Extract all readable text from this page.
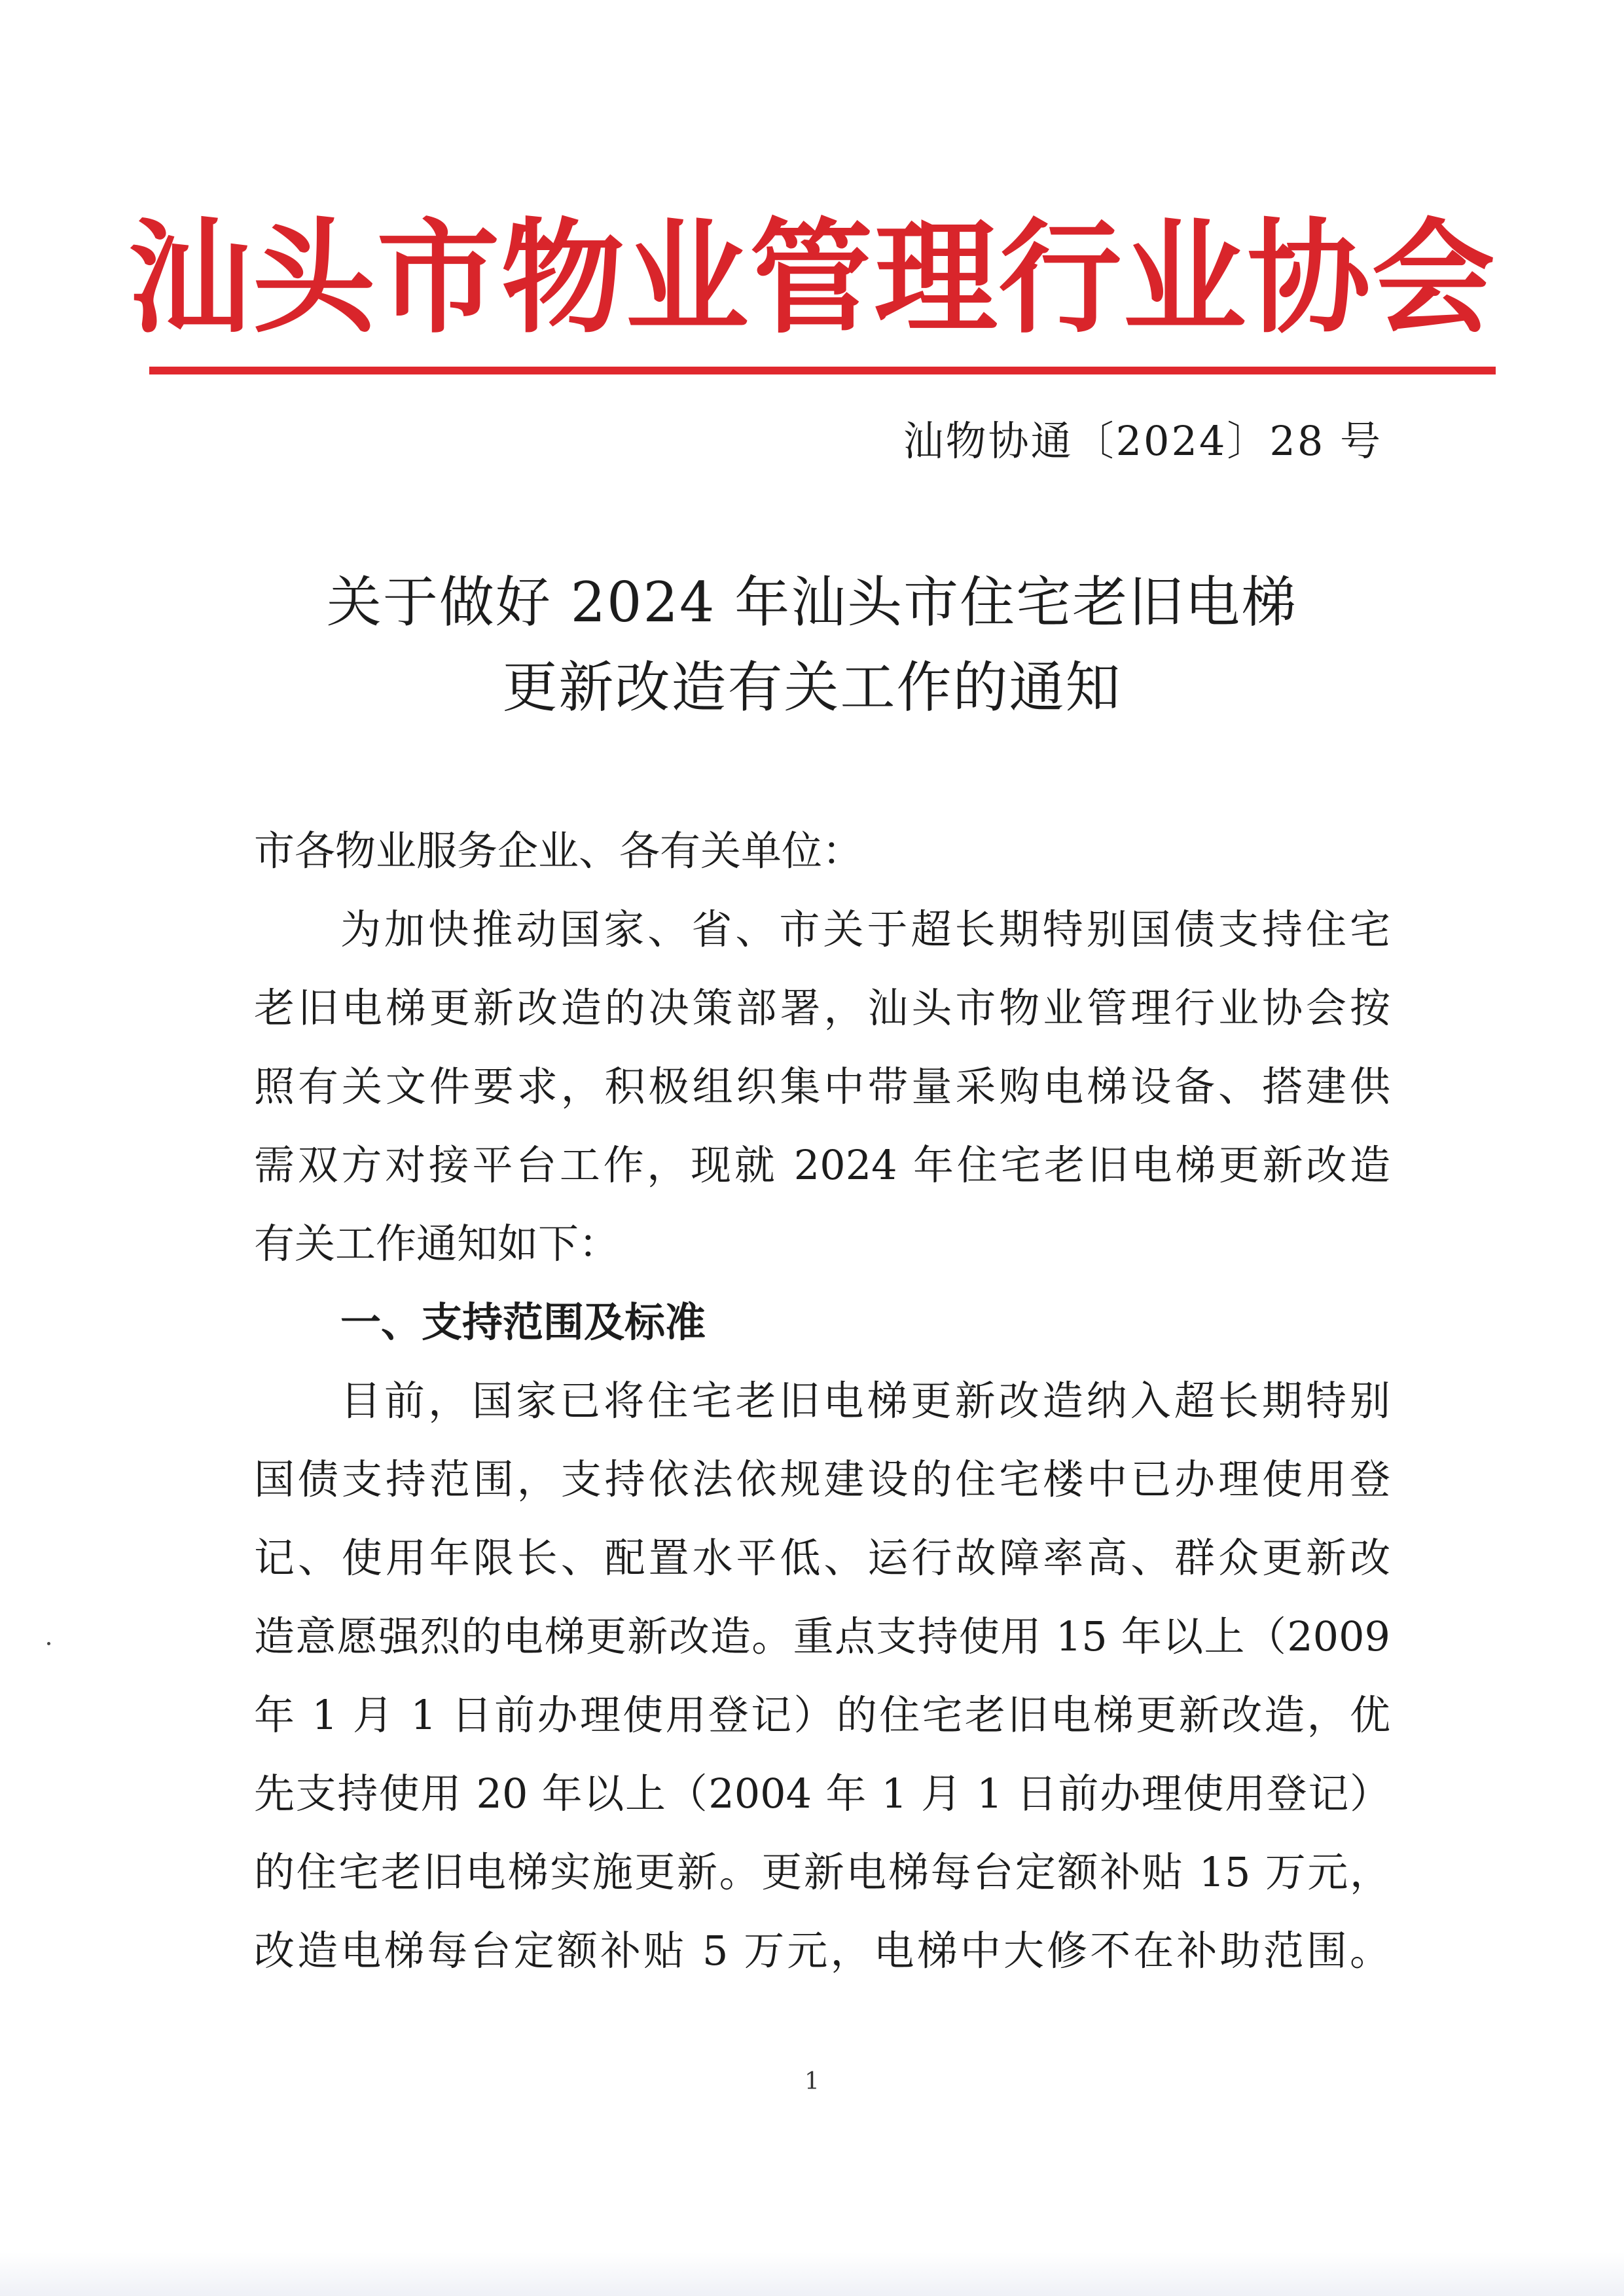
汕头市物业管理行业协会
汕物协通〔2024〕28 号
关于做好 2024 年汕头市住宅老旧电梯
更新改造有关工作的通知
市各物业服务企业、各有关单位：
为加快推动国家、省、市关于超长期特别国债支持住宅
老旧电梯更新改造的决策部署，汕头市物业管理行业协会按
照有关文件要求，积极组织集中带量采购电梯设备、搭建供
需双方对接平台工作，现就 2024 年住宅老旧电梯更新改造
有关工作通知如下：
一、支持范围及标准
目前，国家已将住宅老旧电梯更新改造纳入超长期特别
国债支持范围，支持依法依规建设的住宅楼中已办理使用登
记、使用年限长、配置水平低、运行故障率高、群众更新改
造意愿强烈的电梯更新改造。重点支持使用 15 年以上（2009
年 1 月 1 日前办理使用登记）的住宅老旧电梯更新改造，优
先支持使用 20 年以上（2004 年 1 月 1 日前办理使用登记）
的住宅老旧电梯实施更新。更新电梯每台定额补贴 15 万元，
改造电梯每台定额补贴 5 万元，电梯中大修不在补助范围。
1
